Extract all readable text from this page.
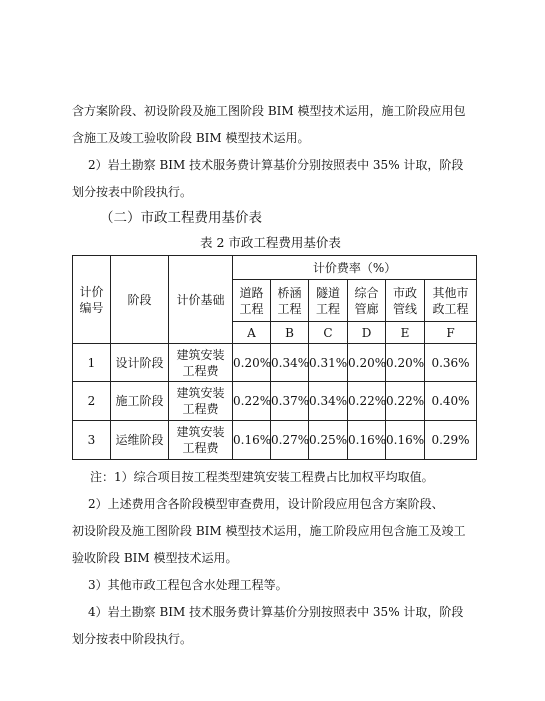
含方案阶段、初设阶段及施工图阶段 BIM 模型技术运用，施工阶段应用包
含施工及竣工验收阶段 BIM 模型技术运用。
2）岩土勘察 BIM 技术服务费计算基价分别按照表中 35% 计取，阶段
划分按表中阶段执行。
（二）市政工程费用基价表
表 2 市政工程费用基价表
计价编号	阶段	计价基础	计价费率（%）					
			道路工程	桥涵工程	隧道工程	综合管廊	市政管线	其他市政工程
			A	B	C	D	E	F
1	设计阶段	建筑安装工程费	0.20%	0.34%	0.31%	0.20%	0.20%	0.36%
2	施工阶段	建筑安装工程费	0.22%	0.37%	0.34%	0.22%	0.22%	0.40%
3	运维阶段	建筑安装工程费	0.16%	0.27%	0.25%	0.16%	0.16%	0.29%
注：1）综合项目按工程类型建筑安装工程费占比加权平均取值。
2）上述费用含各阶段模型审查费用，设计阶段应用包含方案阶段、
初设阶段及施工图阶段 BIM 模型技术运用，施工阶段应用包含施工及竣工
验收阶段 BIM 模型技术运用。
3）其他市政工程包含水处理工程等。
4）岩土勘察 BIM 技术服务费计算基价分别按照表中 35% 计取，阶段
划分按表中阶段执行。
